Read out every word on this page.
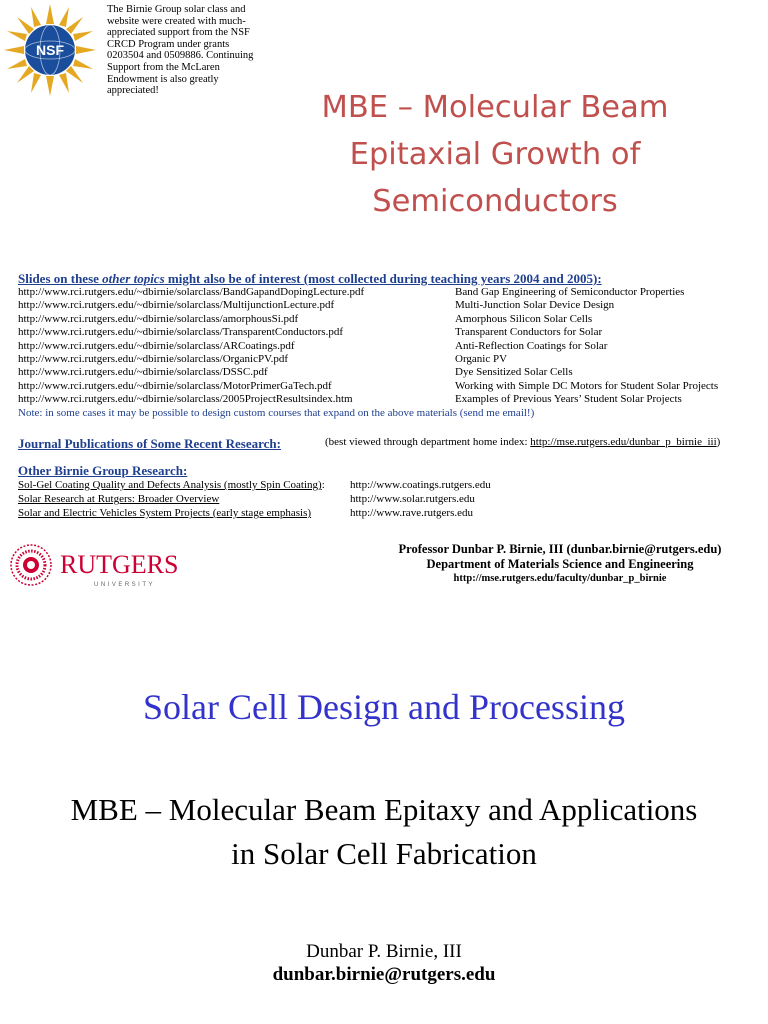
NSF
The Birnie Group solar class and website were created with much-appreciated support from the NSF CRCD Program under grants 0203504 and 0509886. Continuing Support from the McLaren Endowment is also greatly appreciated!	MBE – Molecular Beam Epitaxial Growth of Semiconductors
Slides on these other topics might also be of interest (most collected during teaching years 2004 and 2005):
http://www.rci.rutgers.edu/~dbirnie/solarclass/BandGapandDopingLecture.pdf	Band Gap Engineering of Semiconductor Properties
http://www.rci.rutgers.edu/~dbirnie/solarclass/MultijunctionLecture.pdf	Multi-Junction Solar Device Design
http://www.rci.rutgers.edu/~dbirnie/solarclass/amorphousSi.pdf	Amorphous Silicon Solar Cells
http://www.rci.rutgers.edu/~dbirnie/solarclass/TransparentConductors.pdf	Transparent Conductors for Solar
http://www.rci.rutgers.edu/~dbirnie/solarclass/ARCoatings.pdf	Anti-Reflection Coatings for Solar
http://www.rci.rutgers.edu/~dbirnie/solarclass/OrganicPV.pdf	Organic PV
http://www.rci.rutgers.edu/~dbirnie/solarclass/DSSC.pdf	Dye Sensitized Solar Cells
http://www.rci.rutgers.edu/~dbirnie/solarclass/MotorPrimerGaTech.pdf	Working with Simple DC Motors for Student Solar Projects
http://www.rci.rutgers.edu/~dbirnie/solarclass/2005ProjectResultsindex.htm	Examples of Previous Years’ Student Solar Projects
Note: in some cases it may be possible to design custom courses that expand on the above materials (send me email!)
Journal Publications of Some Recent Research:	(best viewed through department home index: http://mse.rutgers.edu/dunbar_p_birnie_iii)
Other Birnie Group Research:
Sol-Gel Coating Quality and Defects Analysis (mostly Spin Coating): http://www.coatings.rutgers.edu
Solar Research at Rutgers: Broader Overview	http://www.solar.rutgers.edu
Solar and Electric Vehicles System Projects (early stage emphasis)	http://www.rave.rutgers.edu
RUTGERS
UNIVERSITY
Professor Dunbar P. Birnie, III (dunbar.birnie@rutgers.edu)
Department of Materials Science and Engineering
http://mse.rutgers.edu/faculty/dunbar_p_birnie
Solar Cell Design and Processing
MBE – Molecular Beam Epitaxy and Applications in Solar Cell Fabrication
Dunbar P. Birnie, III
dunbar.birnie@rutgers.edu
